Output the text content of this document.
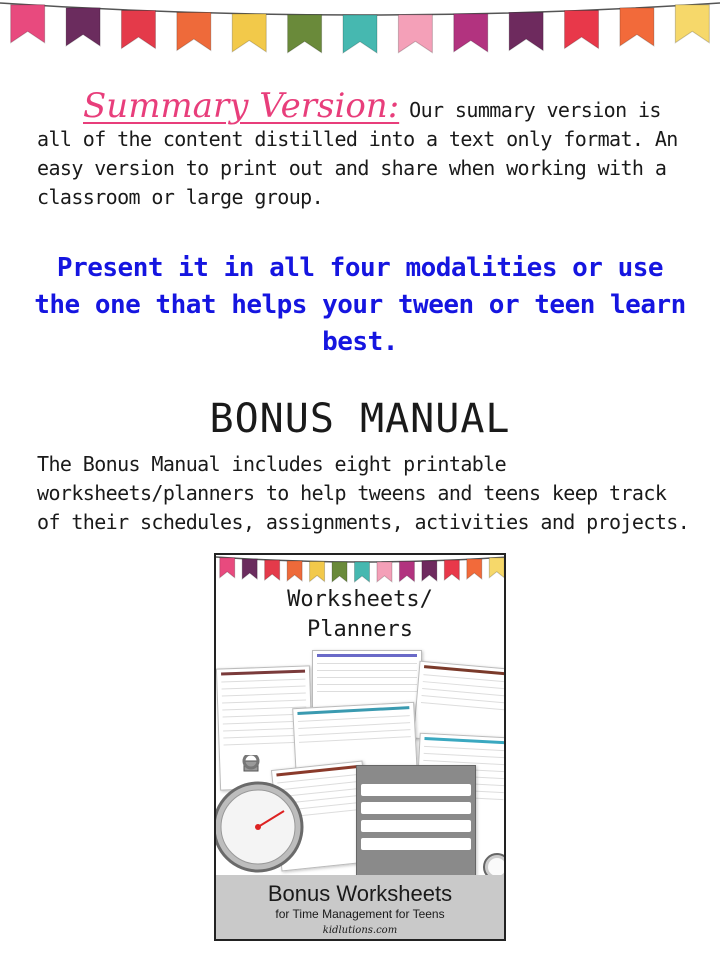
Summary Version: Our summary version is all of the content distilled into a text only format. An easy version to print out and share when working with a classroom or large group.

Present it in all four modalities or use the one that helps your tween or teen learn best.

BONUS MANUAL

The Bonus Manual includes eight printable worksheets/planners to help tweens and teens keep track of their schedules, assignments, activities and projects.

Worksheets/
Planners
Bonus Worksheets
for Time Management for Teens
kidlutions.com
